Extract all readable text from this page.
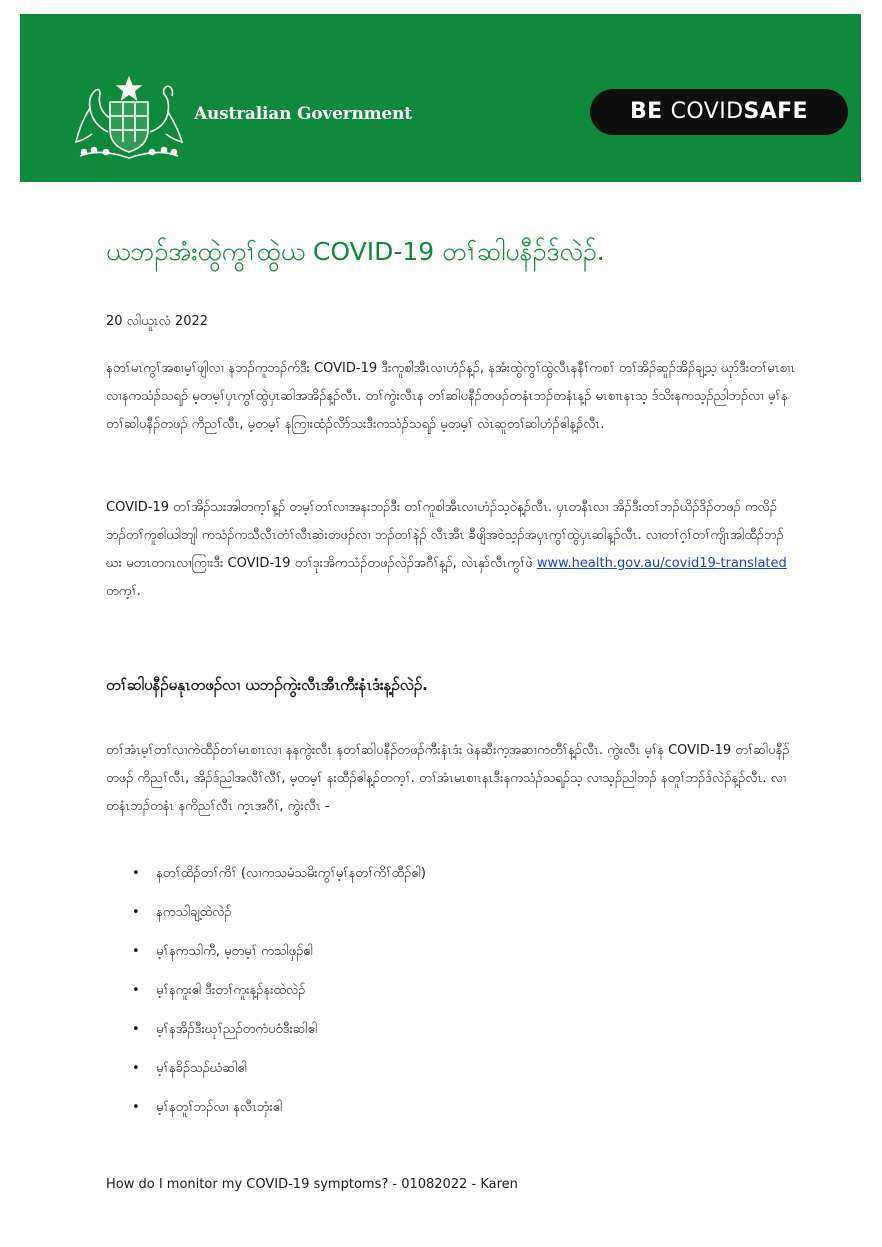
Australian Government	BE COVIDSAFE
ယဘၣ်အံးထွဲကွၢ်ထွဲယ COVID-19 တၢ်ဆါပနီၣ်ဒ်လဲၣ်.
20 လါယူၤလံ 2022

နတၢ်မၤကွၢ်အစၢမ့ၢ်ဖျါလၢ နဘၣ်ကူဘၣ်က်ဒီး COVID-19 ဒီးကူစါအီၤလၢဟံၣ်န့ၣ်, နအံးထွဲကွၢ်ထွဲလီၤနနီၢ်ကစၢ် တၢ်အိၣ်ဆူၣ်အိၣ်ချ့သ့ ဃုာ်ဒီးတၢ်မၤစၢၤလၢနကသံၣ်သရၣ် မ့တမ့ၢ်ပှၤကွၢ်ထွဲပှၤဆါအအိၣ်န့ၣ်လီၤ. တၢ်ကွဲးလီၤန တၢ်ဆါပနီၣ်တဖၣ်တနံၤဘၣ်တနံၤန့ၣ် မၤစၢၤနၤသ့ ဒ်သိးနကသ့ၣ်ညါဘၣ်လၢ မ့ၢ်နတၢ်ဆါပနီၣ်တဖၣ် ကိညၢ်လီၤ, မ့တမ့ၢ် နကြၢးထံၣ်လိာ်သးဒီးကသံၣ်သရၣ် မ့တမ့ၢ် လဲၤဆူတၢ်ဆါဟံၣ်ဧါန့ၣ်လီၤ.

COVID-19 တၢ်အိၣ်သးအါတက့ၢ်န့ၣ် တမ့ၢ်တၢ်လၢအနးဘၣ်ဒီး တၢ်ကူစါအီၤလၢဟံၣ်သ့ဝဲန့ၣ်လီၤ. ပှၤတနီၤလၢ အိၣ်ဒီးတၢ်ဘၣ်ယိၣ်ဒိၣ်တဖၣ် ကလိၣ်ဘၣ်တၢ်ကူစါယါဘျါ ကသံၣ်ကသီလီၤတံၢ်လီၤဆဲးတဖၣ်လၢ ဘၣ်တၢ်နဲၣ် လီၤအီၤ ခီဖျိအဝဲသ့ၣ်အပှၤကွၢ်ထွဲပှၤဆါန့ၣ်လီၤ. လၢတၢ်ဂ့ၢ်တၢ်ကျိၤအါထီၣ်ဘၣ်ဃး မတၤတဂၤလၢကြၢးဒီး COVID-19 တၢ်ဒုးအိကသံၣ်တဖၣ်လဲၣ်အဂီၢ်န့ၣ်, လဲၤနှာ်လီၤကွၢ်ဖဲ www.health.gov.au/covid19-translated တက့ၢ်.

တၢ်ဆါပနီၣ်မနုၤတဖၣ်လၢ ယဘၣ်ကွဲးလီၤအီၤကီးနံၤဒံးန့ၣ်လဲၣ်.

တၢ်အံၤမ့ၢ်တၢ်လၢကဲထီၣ်တၢ်မၤစၢၤလၢ နနကွဲးလီၤ နတၢ်ဆါပနီၣ်တဖၣ်ကီးနံၤဒံး ဖဲနဆီးက့အဆၢကတီၢ်န့ၣ်လီၤ. ကွဲးလီၤ မ့ၢ်န COVID-19 တၢ်ဆါပနီၣ်တဖၣ် ကိညၢ်လီၤ, အိၣ်ဒ်ညါအလီၢ်လီၢ်, မ့တမ့ၢ် နးထီၣ်ဧါန့ၣ်တက့ၢ်. တၢ်အံၤမၤစၢၤနၤဒီးနကသံၣ်သရၣ်သ့ လၢသ့ၣ်ညါဘၣ် နတူၢ်ဘၣ်ဒ်လဲၣ်န့ၣ်လီၤ. လၢတနံၤဘၣ်တနံၤ နကိညၢ်လီၤ က့ၤအဂီၢ်, ကွဲးလီၤ -

• နတၢ်ထိၣ်တၢ်ကိၢ် (လၢကသမံသမိးကွၢ်မ့ၢ်နတၢ်ကိၢ်ထီၣ်ဧါ)
• နကသါချ့ထဲလဲၣ်
• မ့ၢ်နကသါကီ, မ့တမ့ၢ် ကသါဖှၣ်ဧါ
• မ့ၢ်နကူးဧါ ဒီးတၢ်ကူးန့ၣ်နးထဲလဲၣ်
• မ့ၢ်နအိၣ်ဒီးဃုၢ်ညၣ်တကံပဝံဒီးဆါဧါ
• မ့ၢ်နခိၣ်သၣ်ဃံဆါဧါ
• မ့ၢ်နတူၢ်ဘၣ်လၢ နလီၤဘှံးဧါ
How do I monitor my COVID-19 symptoms? - 01082022 - Karen
